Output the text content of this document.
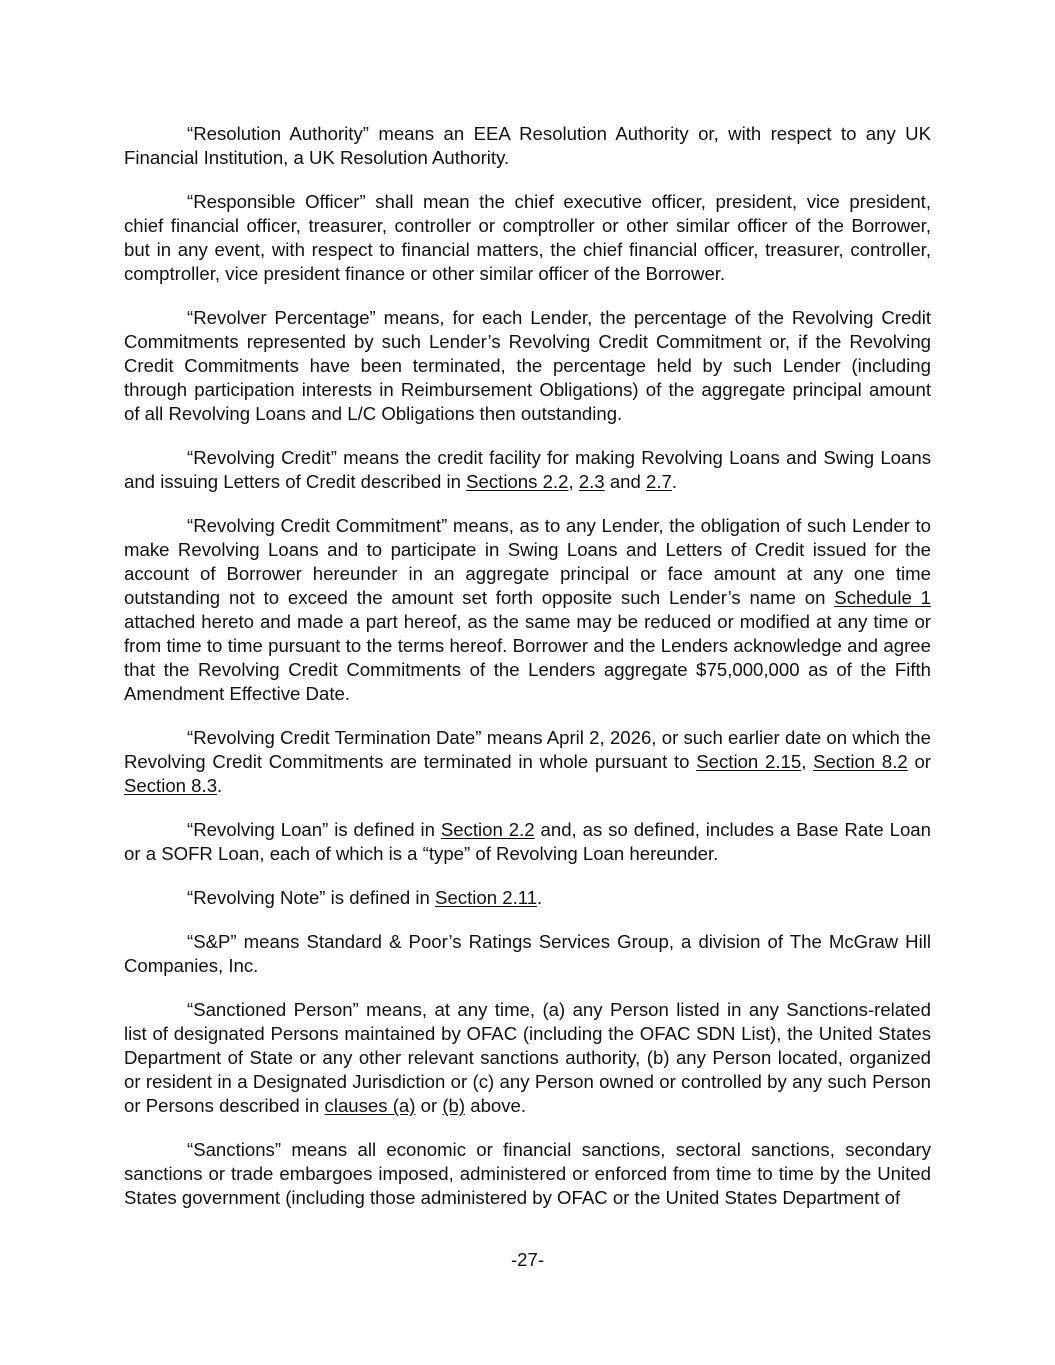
“Resolution Authority” means an EEA Resolution Authority or, with respect to any UK Financial Institution, a UK Resolution Authority.

“Responsible Officer” shall mean the chief executive officer, president, vice president, chief financial officer, treasurer, controller or comptroller or other similar officer of the Borrower, but in any event, with respect to financial matters, the chief financial officer, treasurer, controller, comptroller, vice president finance or other similar officer of the Borrower.

“Revolver Percentage” means, for each Lender, the percentage of the Revolving Credit Commitments represented by such Lender’s Revolving Credit Commitment or, if the Revolving Credit Commitments have been terminated, the percentage held by such Lender (including through participation interests in Reimbursement Obligations) of the aggregate principal amount of all Revolving Loans and L/C Obligations then outstanding.

“Revolving Credit” means the credit facility for making Revolving Loans and Swing Loans and issuing Letters of Credit described in Sections 2.2, 2.3 and 2.7.

“Revolving Credit Commitment” means, as to any Lender, the obligation of such Lender to make Revolving Loans and to participate in Swing Loans and Letters of Credit issued for the account of Borrower hereunder in an aggregate principal or face amount at any one time outstanding not to exceed the amount set forth opposite such Lender’s name on Schedule 1 attached hereto and made a part hereof, as the same may be reduced or modified at any time or from time to time pursuant to the terms hereof. Borrower and the Lenders acknowledge and agree that the Revolving Credit Commitments of the Lenders aggregate $75,000,000 as of the Fifth Amendment Effective Date.

“Revolving Credit Termination Date” means April 2, 2026, or such earlier date on which the Revolving Credit Commitments are terminated in whole pursuant to Section 2.15, Section 8.2 or Section 8.3.

“Revolving Loan” is defined in Section 2.2 and, as so defined, includes a Base Rate Loan or a SOFR Loan, each of which is a “type” of Revolving Loan hereunder.

“Revolving Note” is defined in Section 2.11.

“S&P” means Standard & Poor’s Ratings Services Group, a division of The McGraw Hill Companies, Inc.

“Sanctioned Person” means, at any time, (a) any Person listed in any Sanctions-related list of designated Persons maintained by OFAC (including the OFAC SDN List), the United States Department of State or any other relevant sanctions authority, (b) any Person located, organized or resident in a Designated Jurisdiction or (c) any Person owned or controlled by any such Person or Persons described in clauses (a) or (b) above.

“Sanctions” means all economic or financial sanctions, sectoral sanctions, secondary sanctions or trade embargoes imposed, administered or enforced from time to time by the United States government (including those administered by OFAC or the United States Department of

-27-
